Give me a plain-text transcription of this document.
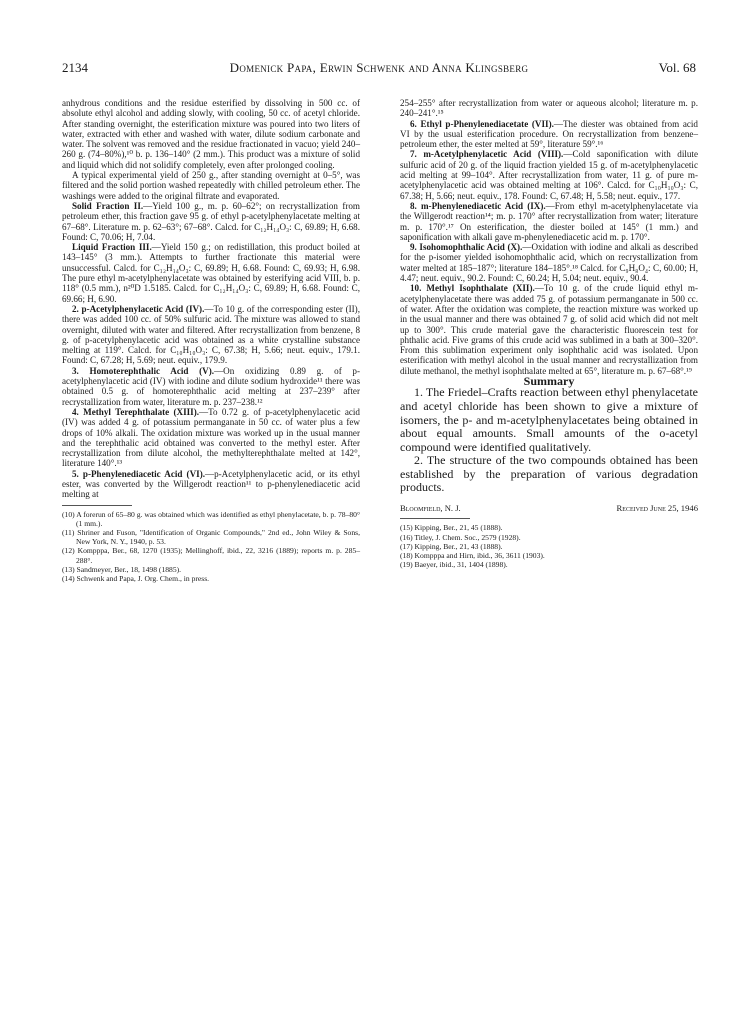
2134	Domenick Papa, Erwin Schwenk and Anna Klingsberg	Vol. 68

anhydrous conditions and the residue esterified by dissolving in 500 cc. of absolute ethyl alcohol and adding slowly, with cooling, 50 cc. of acetyl chloride. After standing overnight, the esterification mixture was poured into two liters of water, extracted with ether and washed with water, dilute sodium carbonate and water. The solvent was removed and the residue fractionated in vacuo; yield 240–260 g. (74–80%),¹⁰ b. p. 136–140° (2 mm.). This product was a mixture of solid and liquid which did not solidify completely, even after prolonged cooling.

A typical experimental yield of 250 g., after standing overnight at 0–5°, was filtered and the solid portion washed repeatedly with chilled petroleum ether. The washings were added to the original filtrate and evaporated.

Solid Fraction II.—Yield 100 g., m. p. 60–62°; on recrystallization from petroleum ether, this fraction gave 95 g. of ethyl p-acetylphenylacetate melting at 67–68°. Literature m. p. 62–63°; 67–68°. Calcd. for C₁₂H₁₄O₃: C, 69.89; H, 6.68. Found: C, 70.06; H, 7.04.

Liquid Fraction III.—Yield 150 g.; on redistillation, this product boiled at 143–145° (3 mm.). Attempts to further fractionate this material were unsuccessful. Calcd. for C₁₂H₁₄O₃: C, 69.89; H, 6.68. Found: C, 69.93; H, 6.98. The pure ethyl m-acetylphenylacetate was obtained by esterifying acid VIII, b. p. 118° (0.5 mm.), n²⁰D 1.5185. Calcd. for C₁₂H₁₄O₃: C, 69.89; H, 6.68. Found: C, 69.66; H, 6.90.

2. p-Acetylphenylacetic Acid (IV).—To 10 g. of the corresponding ester (II), there was added 100 cc. of 50% sulfuric acid. The mixture was allowed to stand overnight, diluted with water and filtered. After recrystallization from benzene, 8 g. of p-acetylphenylacetic acid was obtained as a white crystalline substance melting at 119°. Calcd. for C₁₀H₁₀O₃: C, 67.38; H, 5.66; neut. equiv., 179.1. Found: C, 67.28; H, 5.69; neut. equiv., 179.9.

3. Homoterephthalic Acid (V).—On oxidizing 0.89 g. of p-acetylphenylacetic acid (IV) with iodine and dilute sodium hydroxide¹¹ there was obtained 0.5 g. of homoterephthalic acid melting at 237–239° after recrystallization from water, literature m. p. 237–238.¹²

4. Methyl Terephthalate (XIII).—To 0.72 g. of p-acetylphenylacetic acid (IV) was added 4 g. of potassium permanganate in 50 cc. of water plus a few drops of 10% alkali. The oxidation mixture was worked up in the usual manner and the terephthalic acid obtained was converted to the methyl ester. After recrystallization from dilute alcohol, the methylterephthalate melted at 142°, literature 140°.¹³

5. p-Phenylenediacetic Acid (VI).—p-Acetylphenylacetic acid, or its ethyl ester, was converted by the Willgerodt reaction¹¹ to p-phenylenediacetic acid melting at

(10) A forerun of 65–80 g. was obtained which was identified as ethyl phenylacetate, b. p. 78–80° (1 mm.).

(11) Shriner and Fuson, "Identification of Organic Compounds," 2nd ed., John Wiley & Sons, New York, N. Y., 1940, p. 53.

(12) Kompppa, Ber., 68, 1270 (1935); Mellinghoff, ibid., 22, 3216 (1889); reports m. p. 285–288°.

(13) Sandmeyer, Ber., 18, 1498 (1885).

(14) Schwenk and Papa, J. Org. Chem., in press.

254–255° after recrystallization from water or aqueous alcohol; literature m. p. 240–241°.¹⁵

6. Ethyl p-Phenylenediacetate (VII).—The diester was obtained from acid VI by the usual esterification procedure. On recrystallization from benzene–petroleum ether, the ester melted at 59°, literature 59°.¹⁶

7. m-Acetylphenylacetic Acid (VIII).—Cold saponification with dilute sulfuric acid of 20 g. of the liquid fraction yielded 15 g. of m-acetylphenylacetic acid melting at 99–104°. After recrystallization from water, 11 g. of pure m-acetylphenylacetic acid was obtained melting at 106°. Calcd. for C₁₀H₁₀O₃: C, 67.38; H, 5.66; neut. equiv., 178. Found: C, 67.48; H, 5.58; neut. equiv., 177.

8. m-Phenylenediacetic Acid (IX).—From ethyl m-acetylphenylacetate via the Willgerodt reaction¹⁴; m. p. 170° after recrystallization from water; literature m. p. 170°.¹⁷ On esterification, the diester boiled at 145° (1 mm.) and saponification with alkali gave m-phenylenediacetic acid m. p. 170°.

9. Isohomophthalic Acid (X).—Oxidation with iodine and alkali as described for the p-isomer yielded isohomophthalic acid, which on recrystallization from water melted at 185–187°; literature 184–185°.¹⁸ Calcd. for C₉H₈O₄: C, 60.00; H, 4.47; neut. equiv., 90.2. Found: C, 60.24; H, 5.04; neut. equiv., 90.4.

10. Methyl Isophthalate (XII).—To 10 g. of the crude liquid ethyl m-acetylphenylacetate there was added 75 g. of potassium permanganate in 500 cc. of water. After the oxidation was complete, the reaction mixture was worked up in the usual manner and there was obtained 7 g. of solid acid which did not melt up to 300°. This crude material gave the characteristic fluorescein test for phthalic acid. Five grams of this crude acid was sublimed in a bath at 300–320°. From this sublimation experiment only isophthalic acid was isolated. Upon esterification with methyl alcohol in the usual manner and recrystallization from dilute methanol, the methyl isophthalate melted at 65°, literature m. p. 67–68°.¹⁹

Summary

1. The Friedel–Crafts reaction between ethyl phenylacetate and acetyl chloride has been shown to give a mixture of isomers, the p- and m-acetylphenylacetates being obtained in about equal amounts. Small amounts of the o-acetyl compound were identified qualitatively.

2. The structure of the two compounds obtained has been established by the preparation of various degradation products.

Bloomfield, N. J.	Received June 25, 1946

(15) Kipping, Ber., 21, 45 (1888).

(16) Titley, J. Chem. Soc., 2579 (1928).

(17) Kipping, Ber., 21, 43 (1888).

(18) Kompppa and Hirn, ibid., 36, 3611 (1903).

(19) Baeyer, ibid., 31, 1404 (1898).
